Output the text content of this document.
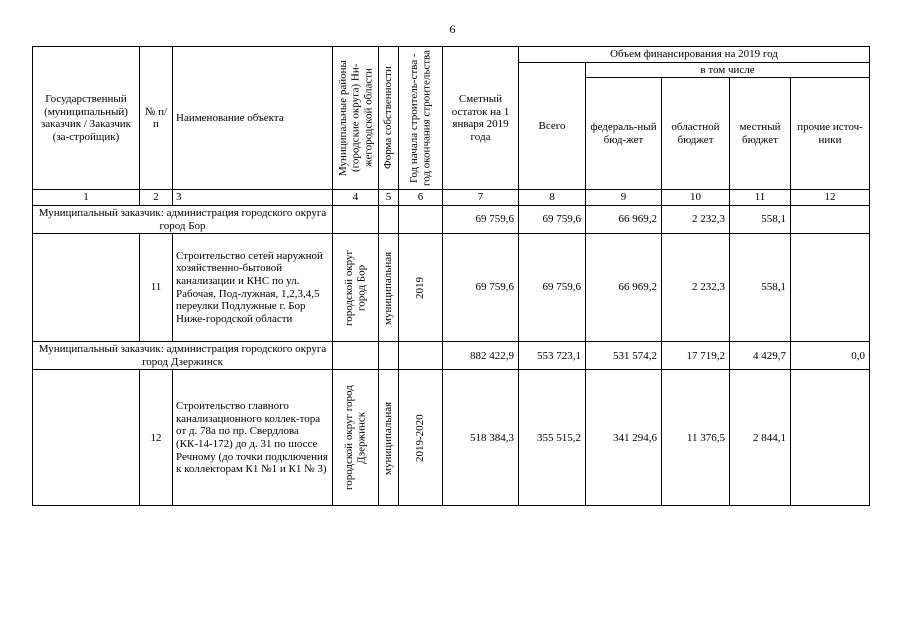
6
Государственный (муниципальный) заказчик / Заказчик (за-стройщик)	№ п/п	Наименование объекта	Муниципальные районы (городские округа) Ни-жегородской области	Форма собственности	Год начала строитель-ства - год окончания строительства	Сметный остаток на 1 января 2019 года	Объем финансирования на 2019 год				
							Всего	в том числе			
								федераль-ный бюд-жет	областной бюджет	местный бюджет	прочие источ-ники
1	2	3	4	5	6	7	8	9	10	11	12
Муниципальный заказчик: администрация городского округа город Бор						69 759,6	69 759,6	66 969,2	2 232,3	558,1	
	11	Строительство сетей наружной хозяйственно-бытовой канализации и КНС по ул. Рабочая, Под-лужная, 1,2,3,4,5 переулки Подлужные г. Бор Ниже-городской области	городской округ город Бор	муниципальная	2019	69 759,6	69 759,6	66 969,2	2 232,3	558,1	
Муниципальный заказчик: администрация городского округа город Дзержинск						882 422,9	553 723,1	531 574,2	17 719,2	4 429,7	0,0
	12	Строительство главного канализационного коллек-тора от д. 78а по пр. Свердлова (КК-14-172) до д. 31 по шоссе Речному (до точки подключения к коллекторам К1 №1 и К1 № 3)	городской округ город Дзержинск	муниципальная	2019-2020	518 384,3	355 515,2	341 294,6	11 376,5	2 844,1	
